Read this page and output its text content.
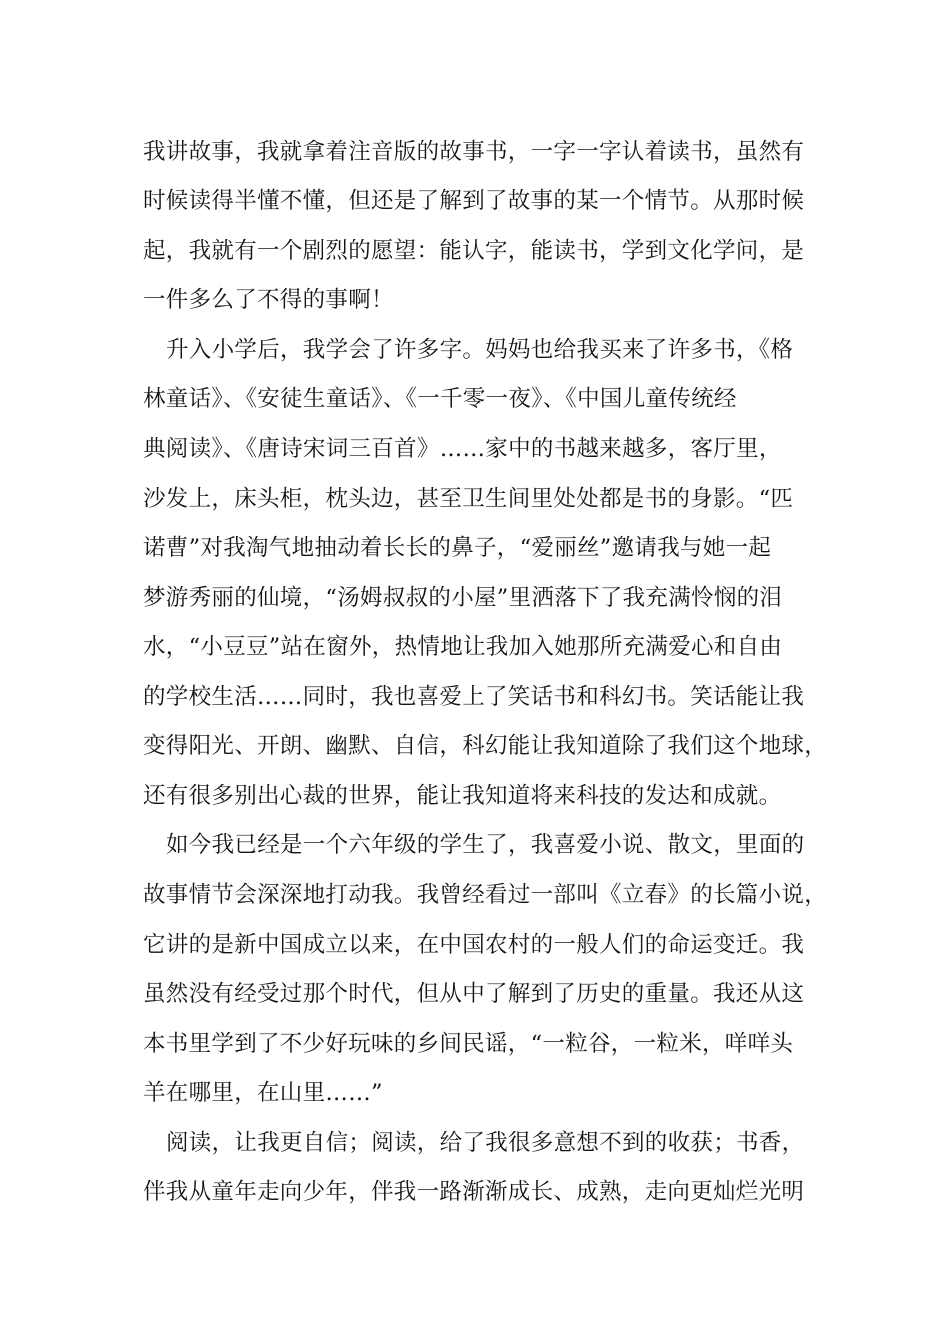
我讲故事，我就拿着注音版的故事书，一字一字认着读书，虽然有
时候读得半懂不懂，但还是了解到了故事的某一个情节。从那时候
起，我就有一个剧烈的愿望：能认字，能读书，学到文化学问，是
一件多么了不得的事啊！
升入小学后，我学会了许多字。妈妈也给我买来了许多书，《格
林童话》、《安徒生童话》、《一千零一夜》、《中国儿童传统经
典阅读》、《唐诗宋词三百首》……家中的书越来越多，客厅里，
沙发上，床头柜，枕头边，甚至卫生间里处处都是书的身影。“匹
诺曹”对我淘气地抽动着长长的鼻子，“爱丽丝”邀请我与她一起
梦游秀丽的仙境，“汤姆叔叔的小屋”里洒落下了我充满怜悯的泪
水，“小豆豆”站在窗外，热情地让我加入她那所充满爱心和自由
的学校生活……同时，我也喜爱上了笑话书和科幻书。笑话能让我
变得阳光、开朗、幽默、自信，科幻能让我知道除了我们这个地球，
还有很多别出心裁的世界，能让我知道将来科技的发达和成就。
如今我已经是一个六年级的学生了，我喜爱小说、散文，里面的
故事情节会深深地打动我。我曾经看过一部叫《立春》的长篇小说，
它讲的是新中国成立以来，在中国农村的一般人们的命运变迁。我
虽然没有经受过那个时代，但从中了解到了历史的重量。我还从这
本书里学到了不少好玩味的乡间民谣，“一粒谷，一粒米，咩咩头
羊在哪里，在山里……”
阅读，让我更自信；阅读，给了我很多意想不到的收获；书香，
伴我从童年走向少年，伴我一路渐渐成长、成熟，走向更灿烂光明
